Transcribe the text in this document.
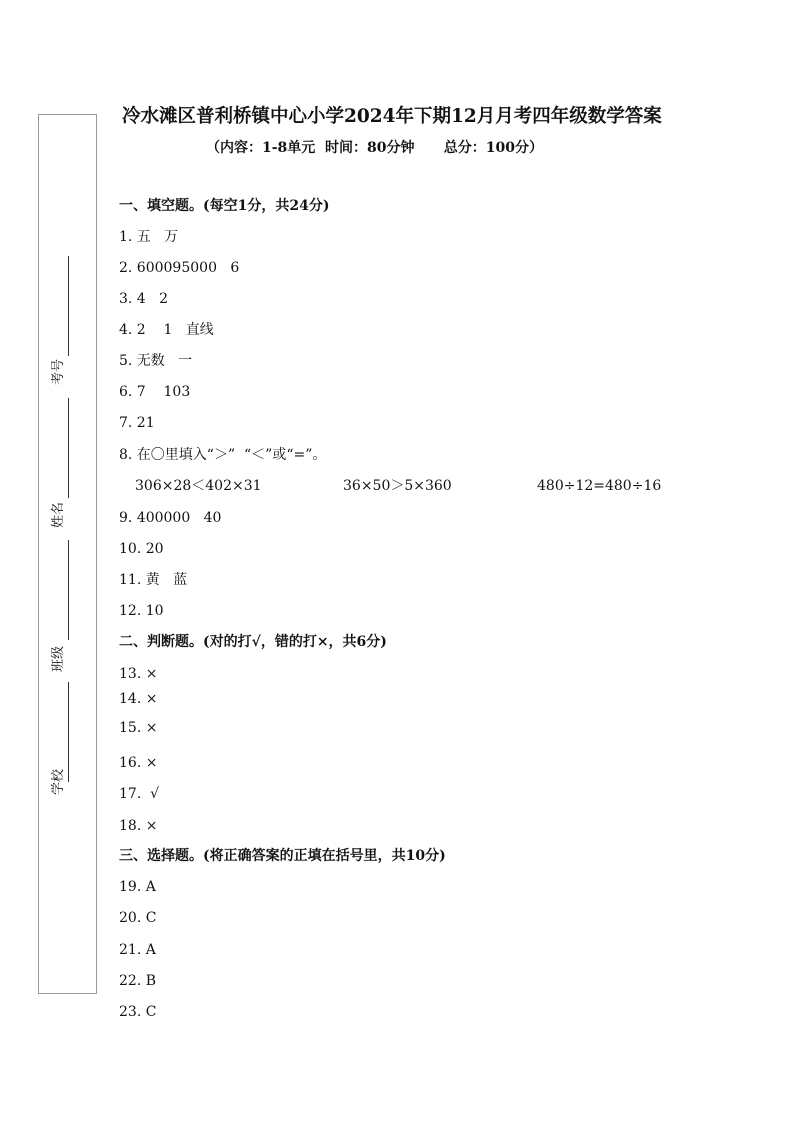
考号
姓名
班级
学校
冷水滩区普利桥镇中心小学2024年下期12月月考四年级数学答案
（内容：1-8单元  时间：80分钟      总分：100分）
一、填空题。(每空1分，共24分)
1. 五   万
2. 600095000   6
3. 4   2
4. 2    1   直线
5. 无数   一
6. 7    103
7. 21
8. 在〇里填入“＞”  “＜”或“=”。
306×28＜402×31	36×50＞5×360	480÷12=480÷16
9. 400000   40
10. 20
11. 黄   蓝
12. 10
二、判断题。(对的打√，错的打×，共6分)
13. ×
14. ×
15. ×
16. ×
17.  √
18. ×
三、选择题。(将正确答案的正填在括号里，共10分)
19. A
20. C
21. A
22. B
23. C
